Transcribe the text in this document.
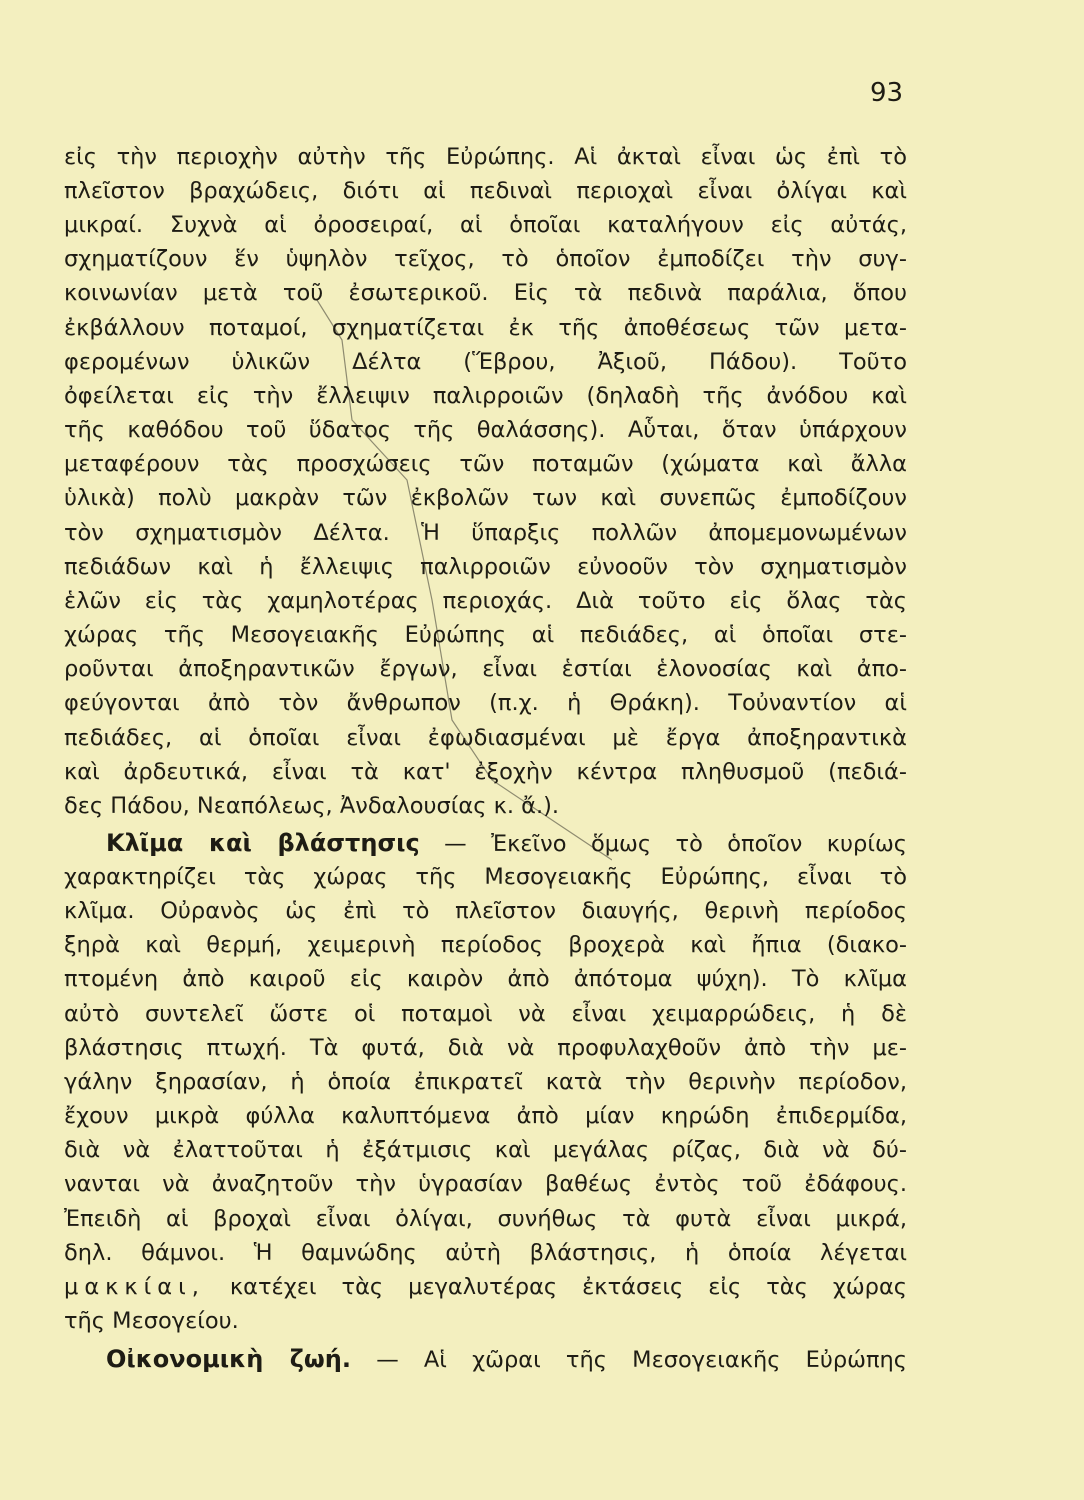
93
εἰς τὴν περιοχὴν αὐτὴν τῆς Εὐρώπης. Αἱ ἀκταὶ εἶναι ὡς ἐπὶ τὸ
πλεῖστον βραχώδεις, διότι αἱ πεδιναὶ περιοχαὶ εἶναι ὀλίγαι καὶ
μικραί. Συχνὰ αἱ ὀροσειραί, αἱ ὁποῖαι καταλήγουν εἰς αὐτάς,
σχηματίζουν ἕν ὑψηλὸν τεῖχος, τὸ ὁποῖον ἐμποδίζει τὴν συγ-
κοινωνίαν μετὰ τοῦ ἐσωτερικοῦ. Εἰς τὰ πεδινὰ παράλια, ὅπου
ἐκβάλλουν ποταμοί, σχηματίζεται ἐκ τῆς ἀποθέσεως τῶν μετα-
φερομένων ὑλικῶν Δέλτα (Ἕβρου, Ἀξιοῦ, Πάδου). Τοῦτο
ὀφείλεται εἰς τὴν ἔλλειψιν παλιρροιῶν (δηλαδὴ τῆς ἀνόδου καὶ
τῆς καθόδου τοῦ ὕδατος τῆς θαλάσσης). Αὗται, ὅταν ὑπάρχουν
μεταφέρουν τὰς προσχώσεις τῶν ποταμῶν (χώματα καὶ ἄλλα
ὑλικὰ) πολὺ μακρὰν τῶν ἐκβολῶν των καὶ συνεπῶς ἐμποδίζουν
τὸν σχηματισμὸν Δέλτα. Ἡ ὕπαρξις πολλῶν ἀπομεμονωμένων
πεδιάδων καὶ ἡ ἔλλειψις παλιρροιῶν εὐνοοῦν τὸν σχηματισμὸν
ἑλῶν εἰς τὰς χαμηλοτέρας περιοχάς. Διὰ τοῦτο εἰς ὅλας τὰς
χώρας τῆς Μεσογειακῆς Εὐρώπης αἱ πεδιάδες, αἱ ὁποῖαι στε-
ροῦνται ἀποξηραντικῶν ἔργων, εἶναι ἑστίαι ἑλονοσίας καὶ ἀπο-
φεύγονται ἀπὸ τὸν ἄνθρωπον (π.χ. ἡ Θράκη). Τοὐναντίον αἱ
πεδιάδες, αἱ ὁποῖαι εἶναι ἐφωδιασμέναι μὲ ἔργα ἀποξηραντικὰ
καὶ ἀρδευτικά, εἶναι τὰ κατ' ἐξοχὴν κέντρα πληθυσμοῦ (πεδιά-
δες Πάδου, Νεαπόλεως, Ἀνδαλουσίας κ. ἄ.).
Κλῖμα καὶ βλάστησις — Ἐκεῖνο ὅμως τὸ ὁποῖον κυρίως
χαρακτηρίζει τὰς χώρας τῆς Μεσογειακῆς Εὐρώπης, εἶναι τὸ
κλῖμα. Οὐρανὸς ὡς ἐπὶ τὸ πλεῖστον διαυγής, θερινὴ περίοδος
ξηρὰ καὶ θερμή, χειμερινὴ περίοδος βροχερὰ καὶ ἤπια (διακο-
πτομένη ἀπὸ καιροῦ εἰς καιρὸν ἀπὸ ἀπότομα ψύχη). Τὸ κλῖμα
αὐτὸ συντελεῖ ὥστε οἱ ποταμοὶ νὰ εἶναι χειμαρρώδεις, ἡ δὲ
βλάστησις πτωχή. Τὰ φυτά, διὰ νὰ προφυλαχθοῦν ἀπὸ τὴν με-
γάλην ξηρασίαν, ἡ ὁποία ἐπικρατεῖ κατὰ τὴν θερινὴν περίοδον,
ἔχουν μικρὰ φύλλα καλυπτόμενα ἀπὸ μίαν κηρώδη ἐπιδερμίδα,
διὰ νὰ ἐλαττοῦται ἡ ἐξάτμισις καὶ μεγάλας ρίζας, διὰ νὰ δύ-
νανται νὰ ἀναζητοῦν τὴν ὑγρασίαν βαθέως ἐντὸς τοῦ ἐδάφους.
Ἐπειδὴ αἱ βροχαὶ εἶναι ὀλίγαι, συνήθως τὰ φυτὰ εἶναι μικρά,
δηλ. θάμνοι. Ἡ θαμνώδης αὐτὴ βλάστησις, ἡ ὁποία λέγεται
μακκίαι, κατέχει τὰς μεγαλυτέρας ἐκτάσεις εἰς τὰς χώρας
τῆς Μεσογείου.
Οἰκονομικὴ ζωή. — Αἱ χῶραι τῆς Μεσογειακῆς Εὐρώπης
